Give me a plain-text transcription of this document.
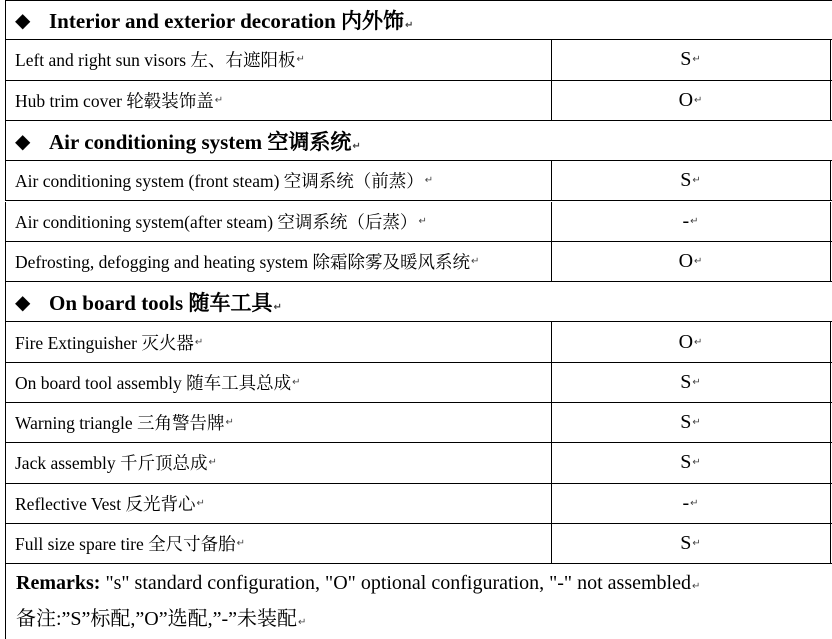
◆ Interior and exterior decoration 内外饰↵
Left and right sun visors 左、右遮阳板 ↵	S ↵
Hub trim cover 轮毂装饰盖 ↵	O ↵
◆ Air conditioning system 空调系统↵
Air conditioning system (front steam) 空调系统（前蒸） ↵	S ↵
Air conditioning system(after steam) 空调系统（后蒸） ↵	- ↵
Defrosting, defogging and heating system 除霜除雾及暖风系统 ↵	O ↵
◆ On board tools 随车工具↵
Fire Extinguisher 灭火器 ↵	O ↵
On board tool assembly 随车工具总成 ↵	S ↵
Warning triangle 三角警告牌 ↵	S ↵
Jack assembly 千斤顶总成 ↵	S ↵
Reflective Vest 反光背心 ↵	- ↵
Full size spare tire 全尺寸备胎 ↵	S ↵
Remarks: "s" standard configuration, "O" optional configuration, "-" not assembled↵
备注:”S”标配,”O”选配,”-”未装配↵
